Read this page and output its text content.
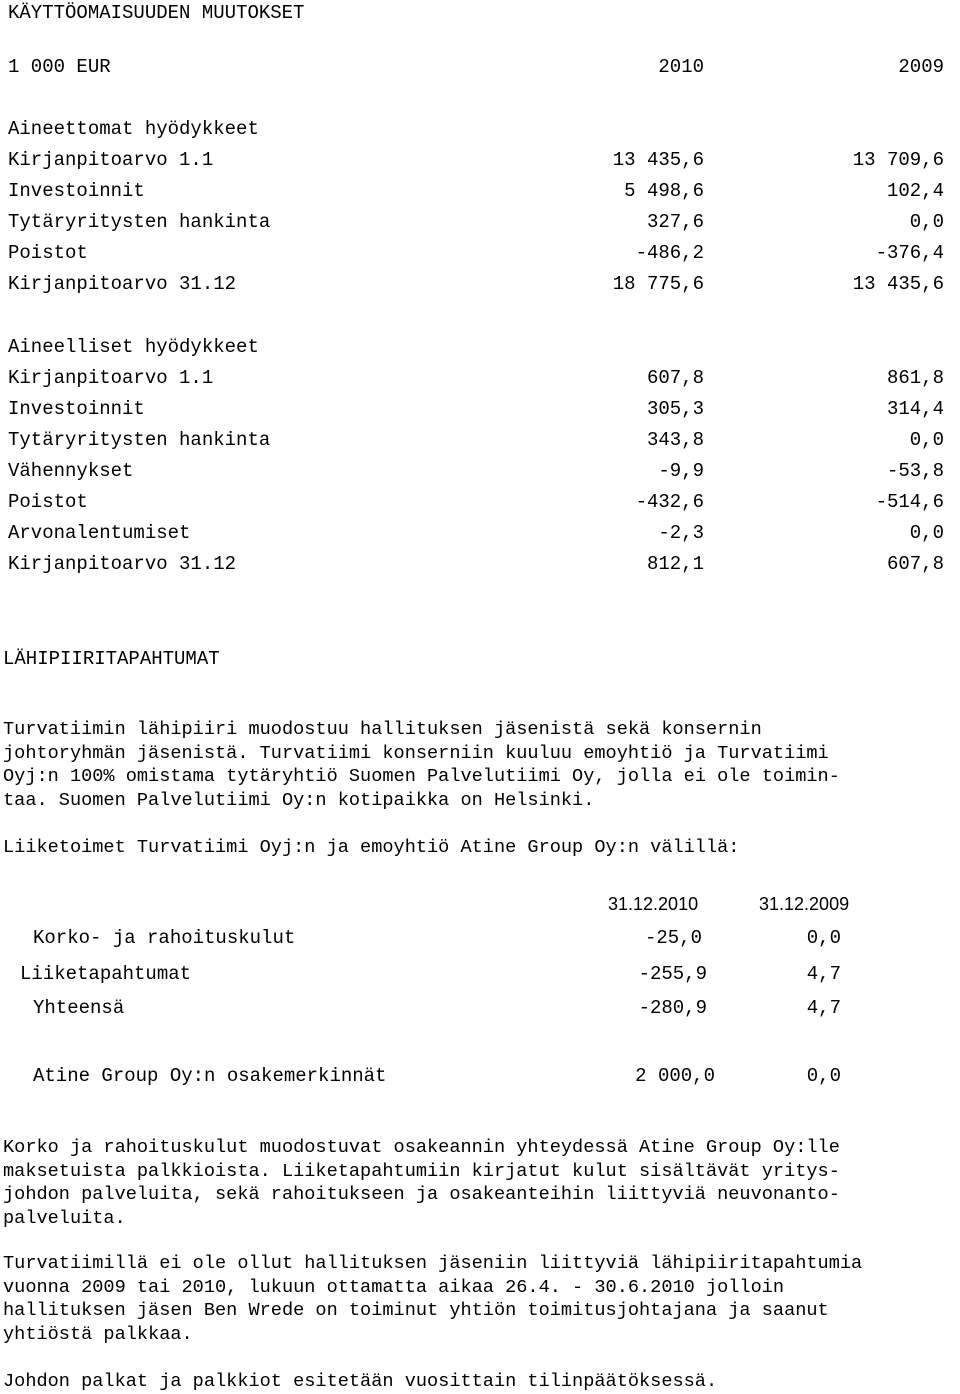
KÄYTTÖOMAISUUDEN MUUTOKSET
1 000 EUR	2010	2009
Aineettomat hyödykkeet
Kirjanpitoarvo 1.1	13 435,6	13 709,6
Investoinnit	5 498,6	102,4
Tytäryritysten hankinta	327,6	0,0
Poistot	-486,2	-376,4
Kirjanpitoarvo 31.12	18 775,6	13 435,6
Aineelliset hyödykkeet
Kirjanpitoarvo 1.1	607,8	861,8
Investoinnit	305,3	314,4
Tytäryritysten hankinta	343,8	0,0
Vähennykset	-9,9	-53,8
Poistot	-432,6	-514,6
Arvonalentumiset	-2,3	0,0
Kirjanpitoarvo 31.12	812,1	607,8
LÄHIPIIRITAPAHTUMAT
Turvatiimin lähipiiri muodostuu hallituksen jäsenistä sekä konsernin
johtoryhmän jäsenistä. Turvatiimi konserniin kuuluu emoyhtiö ja Turvatiimi
Oyj:n 100% omistama tytäryhtiö Suomen Palvelutiimi Oy, jolla ei ole toimin-
taa. Suomen Palvelutiimi Oy:n kotipaikka on Helsinki.
Liiketoimet Turvatiimi Oyj:n ja emoyhtiö Atine Group Oy:n välillä:
31.12.2010	31.12.2009
Korko- ja rahoituskulut	-25,0	0,0
Liiketapahtumat	-255,9	4,7
Yhteensä	-280,9	4,7
Atine Group Oy:n osakemerkinnät	2 000,0	0,0
Korko ja rahoituskulut muodostuvat osakeannin yhteydessä Atine Group Oy:lle
maksetuista palkkioista. Liiketapahtumiin kirjatut kulut sisältävät yritys-
johdon palveluita, sekä rahoitukseen ja osakeanteihin liittyviä neuvonanto-
palveluita.
Turvatiimillä ei ole ollut hallituksen jäseniin liittyviä lähipiiritapahtumia
vuonna 2009 tai 2010, lukuun ottamatta aikaa 26.4. - 30.6.2010 jolloin
hallituksen jäsen Ben Wrede on toiminut yhtiön toimitusjohtajana ja saanut
yhtiöstä palkkaa.
Johdon palkat ja palkkiot esitetään vuosittain tilinpäätöksessä.
